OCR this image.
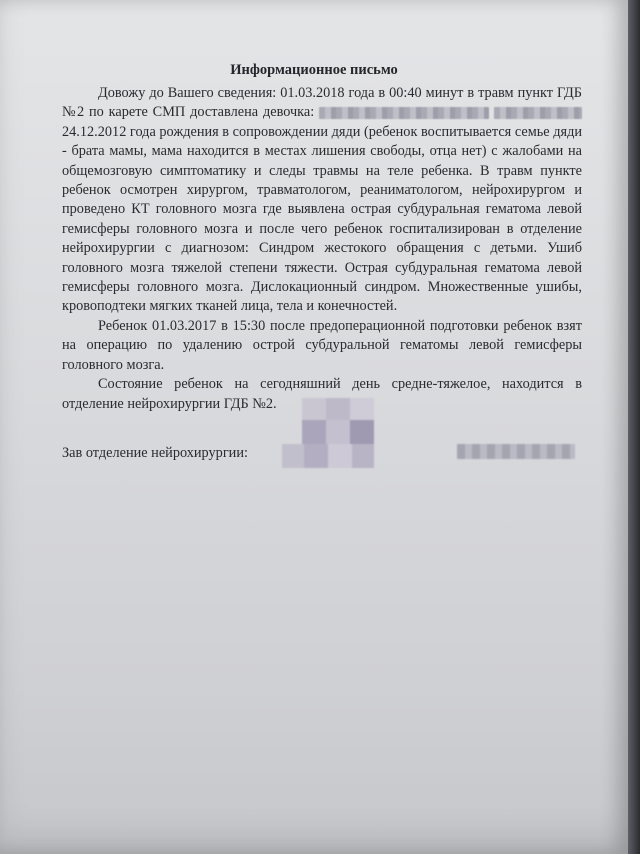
Информационное письмо

Довожу до Вашего сведения: 01.03.2018 года в 00:40 минут в травм пункт ГДБ №2 по карете СМП доставлена девочка:   24.12.2012 года рождения в сопровождении дяди (ребенок воспитывается семье дяди - брата мамы, мама находится в местах лишения свободы, отца нет) с жалобами на общемозговую симптоматику и следы травмы на теле ребенка. В травм пункте ребенок осмотрен хирургом, травматологом, реаниматологом, нейрохирургом и проведено КТ головного мозга где выявлена острая субдуральная гематома левой гемисферы головного мозга и после чего ребенок госпитализирован в отделение нейрохирургии с диагнозом: Синдром жестокого обращения с детьми. Ушиб головного мозга тяжелой степени тяжести. Острая субдуральная гематома левой гемисферы головного мозга. Дислокационный синдром. Множественные ушибы, кровоподтеки мягких тканей лица, тела и конечностей.

Ребенок 01.03.2017 в 15:30 после предоперационной подготовки ребенок взят на операцию по удалению острой субдуральной гематомы левой гемисферы головного мозга.

Состояние ребенок на сегодняшний день средне-тяжелое, находится в отделение нейрохирургии ГДБ №2.

Зав отделение нейрохирургии:
